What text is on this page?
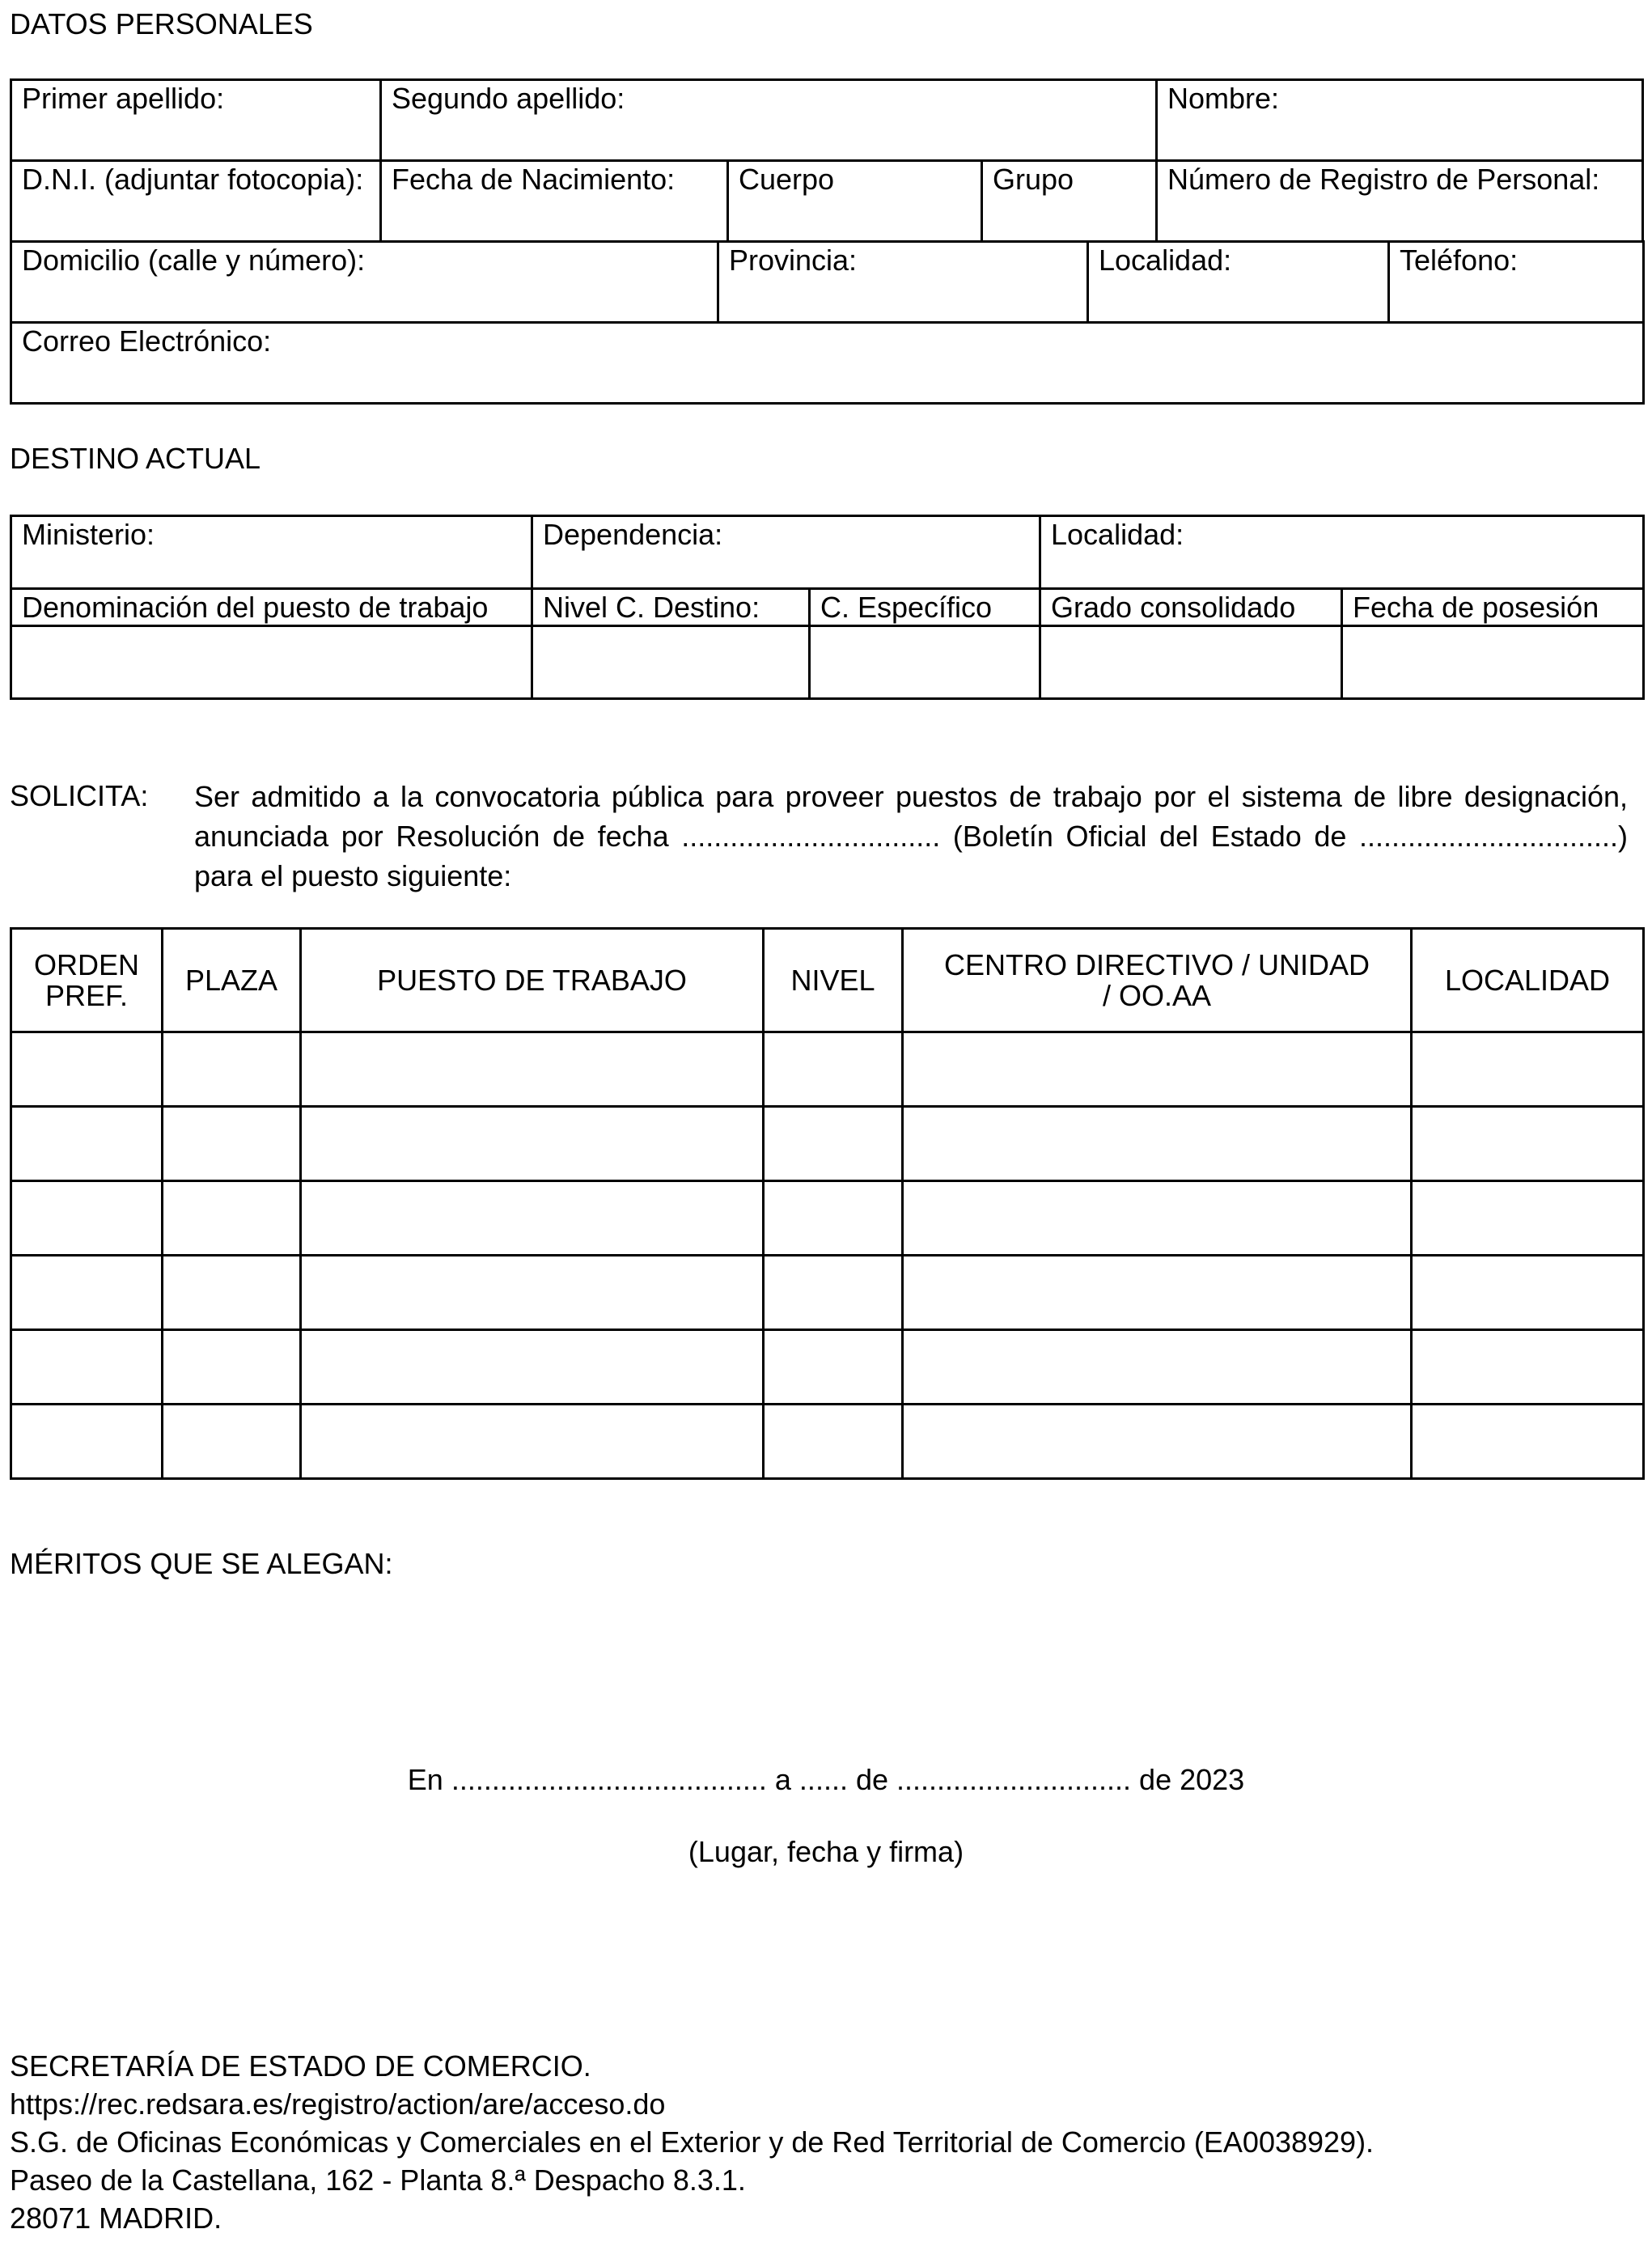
DATOS PERSONALES
Primer apellido:	Segundo apellido:			Nombre:

D.N.I. (adjuntar fotocopia):	Fecha de Nacimiento:	Cuerpo	Grupo	Número de Registro de Personal:
Domicilio (calle y número):	Provincia:	Localidad:	Teléfono:

Correo Electrónico:
DESTINO ACTUAL
Ministerio:	Dependencia:		Localidad:	

Denominación del puesto de trabajo	Nivel C. Destino:	C. Específico	Grado consolidado	Fecha de posesión

SOLICITA: Ser admitido a la convocatoria pública para proveer puestos de trabajo por el sistema de libre designación, anunciada por Resolución de fecha ................................ (Boletín Oficial del Estado de ................................) para el puesto siguiente:
ORDEN PREF.	PLAZA	PUESTO DE TRABAJO	NIVEL	CENTRO DIRECTIVO / UNIDAD / OO.AA	LOCALIDAD

MÉRITOS QUE SE ALEGAN:
En ....................................... a ...... de ............................. de 2023
(Lugar, fecha y firma)
SECRETARÍA DE ESTADO DE COMERCIO.
https://rec.redsara.es/registro/action/are/acceso.do
S.G. de Oficinas Económicas y Comerciales en el Exterior y de Red Territorial de Comercio (EA0038929).
Paseo de la Castellana, 162 - Planta 8.ª Despacho 8.3.1.
28071 MADRID.
